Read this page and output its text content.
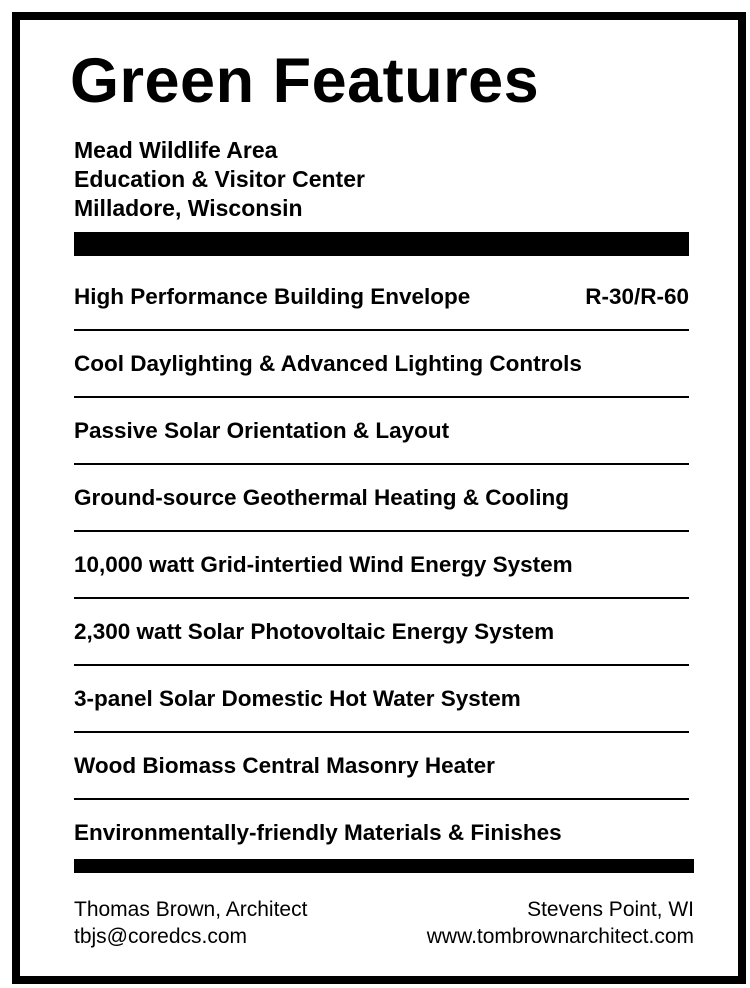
Green Features
Mead Wildlife Area
Education & Visitor Center
Milladore, Wisconsin
High Performance Building Envelope	R-30/R-60
Cool Daylighting & Advanced Lighting Controls
Passive Solar Orientation & Layout
Ground-source Geothermal Heating & Cooling
10,000 watt Grid-intertied Wind Energy System
2,300 watt Solar Photovoltaic Energy System
3-panel Solar Domestic Hot Water System
Wood Biomass Central Masonry Heater
Environmentally-friendly Materials & Finishes
Thomas Brown, Architect
tbjs@coredcs.com
Stevens Point, WI
www.tombrownarchitect.com
